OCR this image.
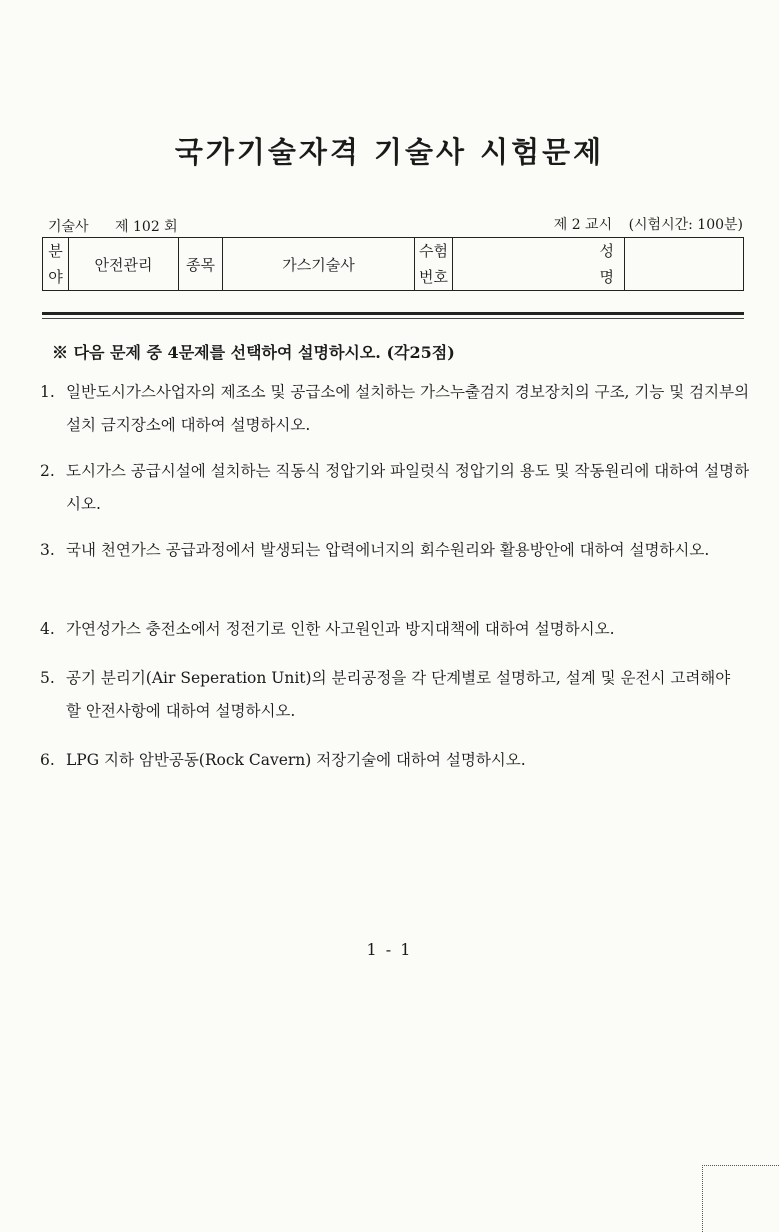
국가기술자격 기술사 시험문제
기술사 제 102 회	제 2 교시 (시험시간: 100분)
분
야
안전관리 종목	가스기술사
수험
번호
성
명
※ 다음 문제 중 4문제를 선택하여 설명하시오. (각25점)
1. 일반도시가스사업자의 제조소 및 공급소에 설치하는 가스누출검지 경보장치의 구조, 기능 및 검지부의 설치 금지장소에 대하여 설명하시오.
2. 도시가스 공급시설에 설치하는 직동식 정압기와 파일럿식 정압기의 용도 및 작동원리에 대하여 설명하시오.
3. 국내 천연가스 공급과정에서 발생되는 압력에너지의 회수원리와 활용방안에 대하여 설명하시오.
4. 가연성가스 충전소에서 정전기로 인한 사고원인과 방지대책에 대하여 설명하시오.
5. 공기 분리기(Air Seperation Unit)의 분리공정을 각 단계별로 설명하고, 설계 및 운전시 고려해야 할 안전사항에 대하여 설명하시오.
6. LPG 지하 암반공동(Rock Cavern) 저장기술에 대하여 설명하시오.
1 - 1
